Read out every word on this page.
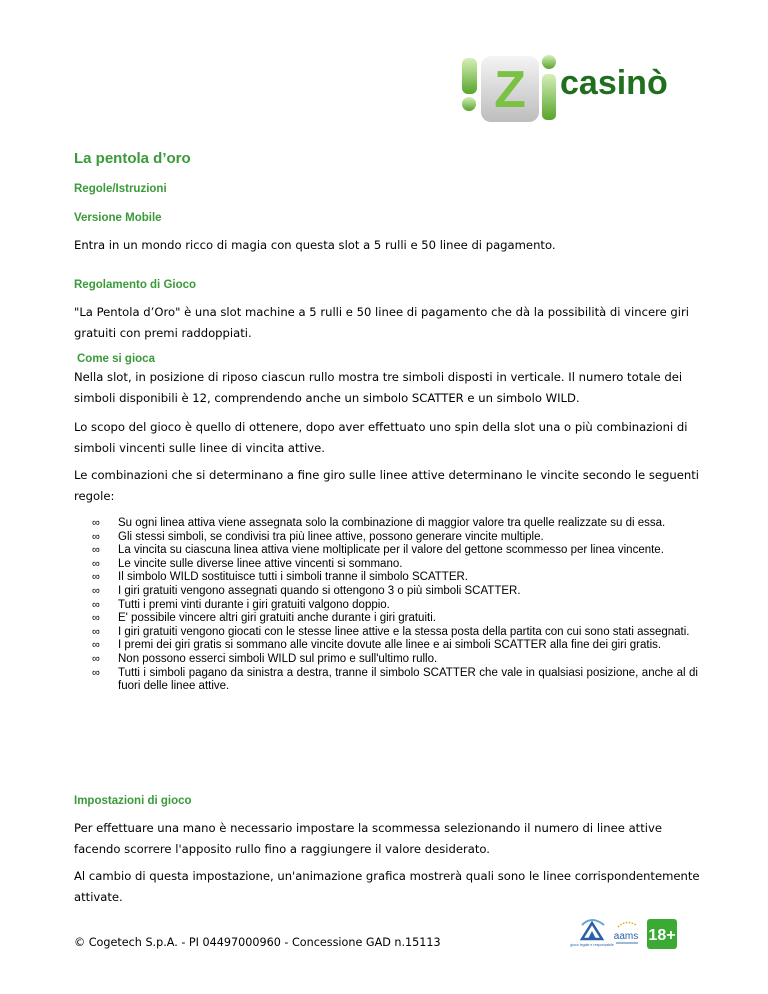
Z casinò
La pentola d’oro
Regole/Istruzioni
Versione Mobile
Entra in un mondo ricco di magia con questa slot a 5 rulli e 50 linee di pagamento.
Regolamento di Gioco
"La Pentola d’Oro" è una slot machine a 5 rulli e 50 linee di pagamento che dà la possibilità di vincere giri
gratuiti con premi raddoppiati.
Come si gioca
Nella slot, in posizione di riposo ciascun rullo mostra tre simboli disposti in verticale. Il numero totale dei
simboli disponibili è 12, comprendendo anche un simbolo SCATTER e un simbolo WILD.
Lo scopo del gioco è quello di ottenere, dopo aver effettuato uno spin della slot una o più combinazioni di
simboli vincenti sulle linee di vincita attive.
Le combinazioni che si determinano a fine giro sulle linee attive determinano le vincite secondo le seguenti
regole:
∞ Su ogni linea attiva viene assegnata solo la combinazione di maggior valore tra quelle realizzate su di essa.
∞ Gli stessi simboli, se condivisi tra più linee attive, possono generare vincite multiple.
∞ La vincita su ciascuna linea attiva viene moltiplicate per il valore del gettone scommesso per linea vincente.
∞ Le vincite sulle diverse linee attive vincenti si sommano.
∞ Il simbolo WILD sostituisce tutti i simboli tranne il simbolo SCATTER.
∞ I giri gratuiti vengono assegnati quando si ottengono 3 o più simboli SCATTER.
∞ Tutti i premi vinti durante i giri gratuiti valgono doppio.
∞ E' possibile vincere altri giri gratuiti anche durante i giri gratuiti.
∞ I giri gratuiti vengono giocati con le stesse linee attive e la stessa posta della partita con cui sono stati assegnati.
∞ I premi dei giri gratis si sommano alle vincite dovute alle linee e ai simboli SCATTER alla fine dei giri gratis.
∞ Non possono esserci simboli WILD sul primo e sull'ultimo rullo.
∞ Tutti i simboli pagano da sinistra a destra, tranne il simbolo SCATTER che vale in qualsiasi posizione, anche al di fuori delle linee attive.
Impostazioni di gioco
Per effettuare una mano è necessario impostare la scommessa selezionando il numero di linee attive
facendo scorrere l'apposito rullo fino a raggiungere il valore desiderato.
Al cambio di questa impostazione, un'animazione grafica mostrerà quali sono le linee corrispondentemente
attivate.
© Cogetech S.p.A. - PI 04497000960 - Concessione GAD n.15113	gioco legale e responsabile
aams 18+
